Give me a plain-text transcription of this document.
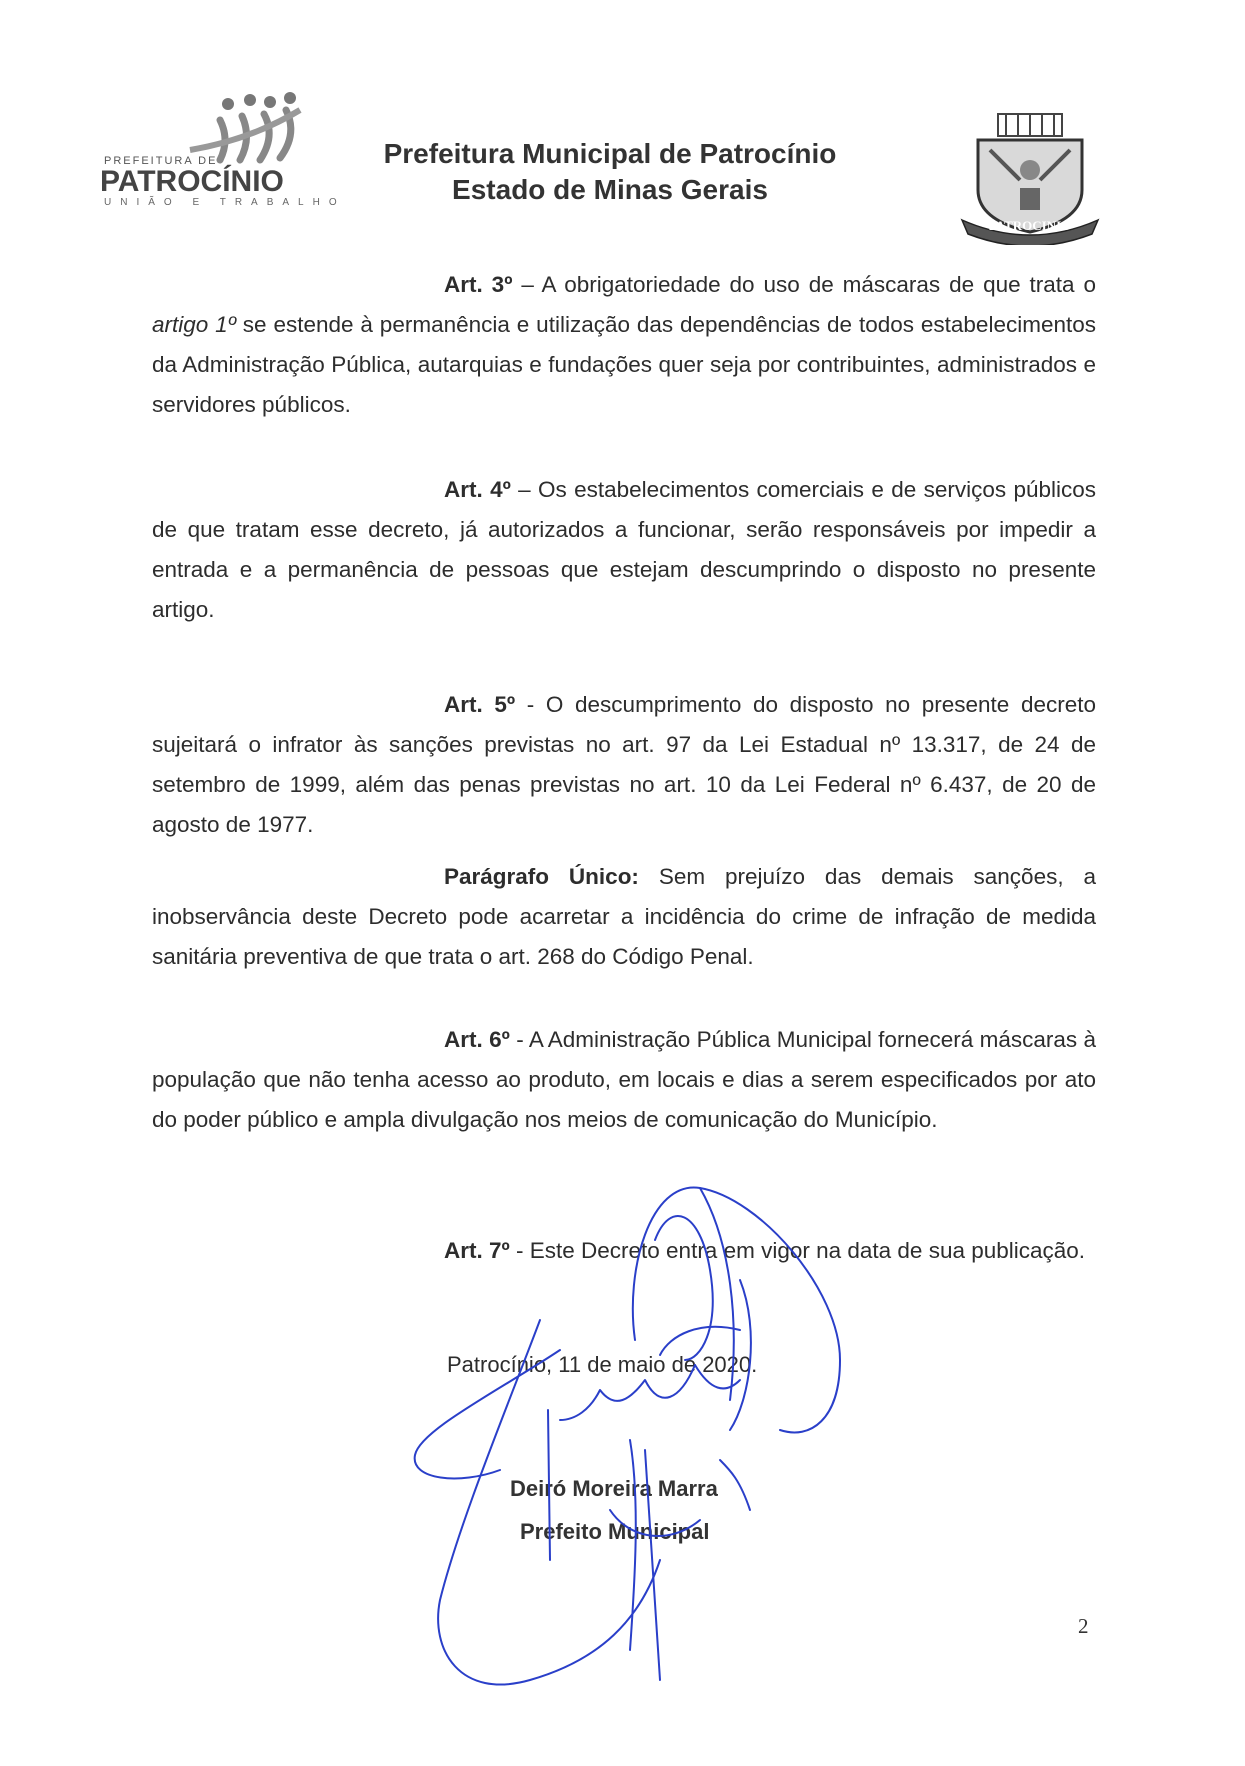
PREFEITURA DE
PATROCÍNIO
UNIÃO E TRABALHO
Prefeitura Municipal de Patrocínio
Estado de Minas Gerais
PATROCINIO
Art. 3º – A obrigatoriedade do uso de máscaras de que trata o artigo 1º se estende à permanência e utilização das dependências de todos estabelecimentos da Administração Pública, autarquias e fundações quer seja por contribuintes, administrados e servidores públicos.
Art. 4º – Os estabelecimentos comerciais e de serviços públicos de que tratam esse decreto, já autorizados a funcionar, serão responsáveis por impedir a entrada e a permanência de pessoas que estejam descumprindo o disposto no presente artigo.
Art. 5º - O descumprimento do disposto no presente decreto sujeitará o infrator às sanções previstas no art. 97 da Lei Estadual nº 13.317, de 24 de setembro de 1999, além das penas previstas no art. 10 da Lei Federal nº 6.437, de 20 de agosto de 1977.
Parágrafo Único: Sem prejuízo das demais sanções, a inobservância deste Decreto pode acarretar a incidência do crime de infração de medida sanitária preventiva de que trata o art. 268 do Código Penal.
Art. 6º - A Administração Pública Municipal fornecerá máscaras à população que não tenha acesso ao produto, em locais e dias a serem especificados por ato do poder público e ampla divulgação nos meios de comunicação do Município.
Art. 7º - Este Decreto entra em vigor na data de sua publicação.
Patrocínio, 11 de maio de 2020.
Deiró Moreira Marra
Prefeito Municipal
2
